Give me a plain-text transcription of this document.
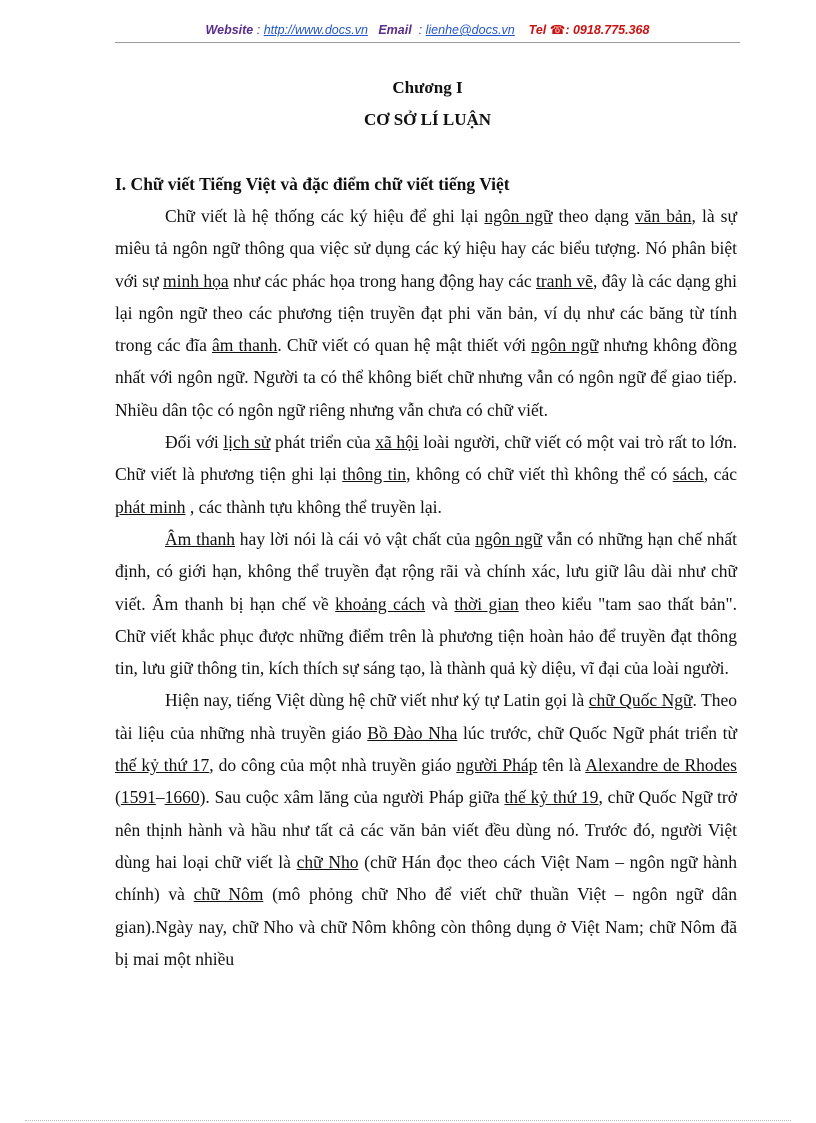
Website : http://www.docs.vn Email : lienhe@docs.vn Tel ☎: 0918.775.368
Chương I
CƠ SỞ LÍ LUẬN
I. Chữ viết Tiếng Việt và đặc điểm chữ viết tiếng Việt

Chữ viết là hệ thống các ký hiệu để ghi lại ngôn ngữ theo dạng văn bản, là sự miêu tả ngôn ngữ thông qua việc sử dụng các ký hiệu hay các biểu tượng. Nó phân biệt với sự minh họa như các phác họa trong hang động hay các tranh vẽ, đây là các dạng ghi lại ngôn ngữ theo các phương tiện truyền đạt phi văn bản, ví dụ như các băng từ tính trong các đĩa âm thanh. Chữ viết có quan hệ mật thiết với ngôn ngữ nhưng không đồng nhất với ngôn ngữ. Người ta có thể không biết chữ nhưng vẫn có ngôn ngữ để giao tiếp. Nhiều dân tộc có ngôn ngữ riêng nhưng vẫn chưa có chữ viết.

Đối với lịch sử phát triển của xã hội loài người, chữ viết có một vai trò rất to lớn. Chữ viết là phương tiện ghi lại thông tin, không có chữ viết thì không thể có sách, các phát minh , các thành tựu không thể truyền lại.

Âm thanh hay lời nói là cái vỏ vật chất của ngôn ngữ vẫn có những hạn chế nhất định, có giới hạn, không thể truyền đạt rộng rãi và chính xác, lưu giữ lâu dài như chữ viết. Âm thanh bị hạn chế về khoảng cách và thời gian theo kiểu "tam sao thất bản". Chữ viết khắc phục được những điểm trên là phương tiện hoàn hảo để truyền đạt thông tin, lưu giữ thông tin, kích thích sự sáng tạo, là thành quả kỳ diệu, vĩ đại của loài người.

Hiện nay, tiếng Việt dùng hệ chữ viết như ký tự Latin gọi là chữ Quốc Ngữ. Theo tài liệu của những nhà truyền giáo Bồ Đào Nha lúc trước, chữ Quốc Ngữ phát triển từ thế kỷ thứ 17, do công của một nhà truyền giáo người Pháp tên là Alexandre de Rhodes (1591–1660). Sau cuộc xâm lăng của người Pháp giữa thế kỷ thứ 19, chữ Quốc Ngữ trở nên thịnh hành và hầu như tất cả các văn bản viết đều dùng nó. Trước đó, người Việt dùng hai loại chữ viết là chữ Nho (chữ Hán đọc theo cách Việt Nam – ngôn ngữ hành chính) và chữ Nôm (mô phỏng chữ Nho để viết chữ thuần Việt – ngôn ngữ dân gian).Ngày nay, chữ Nho và chữ Nôm không còn thông dụng ở Việt Nam; chữ Nôm đã bị mai một nhiều
